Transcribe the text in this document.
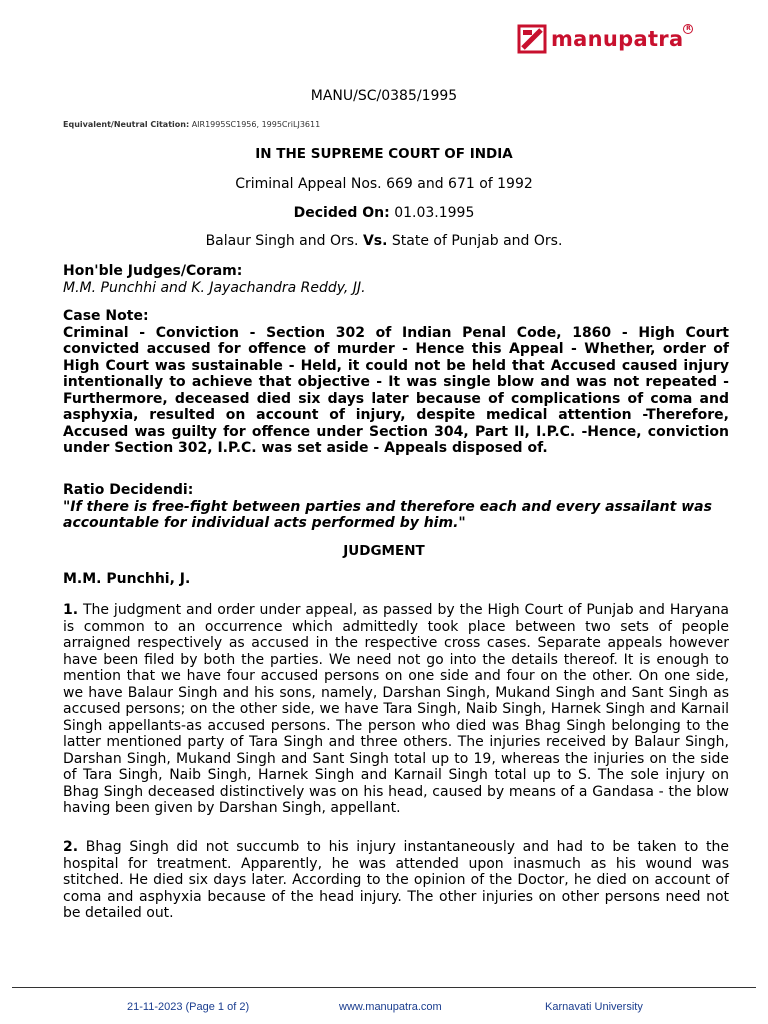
manupatra R
MANU/SC/0385/1995
Equivalent/Neutral Citation: AIR1995SC1956, 1995CriLJ3611
IN THE SUPREME COURT OF INDIA
Criminal Appeal Nos. 669 and 671 of 1992
Decided On: 01.03.1995
Balaur Singh and Ors. Vs. State of Punjab and Ors.
Hon'ble Judges/Coram:
M.M. Punchhi and K. Jayachandra Reddy, JJ.
Case Note:
Criminal - Conviction - Section 302 of Indian Penal Code, 1860 - High Court convicted accused for offence of murder - Hence this Appeal - Whether, order of High Court was sustainable - Held, it could not be held that Accused caused injury intentionally to achieve that objective - It was single blow and was not repeated - Furthermore, deceased died six days later because of complications of coma and asphyxia, resulted on account of injury, despite medical attention -Therefore, Accused was guilty for offence under Section 304, Part II, I.P.C. -Hence, conviction under Section 302, I.P.C. was set aside - Appeals disposed of.
Ratio Decidendi:
"If there is free-fight between parties and therefore each and every assailant was accountable for individual acts performed by him."
JUDGMENT
M.M. Punchhi, J.
1. The judgment and order under appeal, as passed by the High Court of Punjab and Haryana is common to an occurrence which admittedly took place between two sets of people arraigned respectively as accused in the respective cross cases. Separate appeals however have been filed by both the parties. We need not go into the details thereof. It is enough to mention that we have four accused persons on one side and four on the other. On one side, we have Balaur Singh and his sons, namely, Darshan Singh, Mukand Singh and Sant Singh as accused persons; on the other side, we have Tara Singh, Naib Singh, Harnek Singh and Karnail Singh appellants-as accused persons. The person who died was Bhag Singh belonging to the latter mentioned party of Tara Singh and three others. The injuries received by Balaur Singh, Darshan Singh, Mukand Singh and Sant Singh total up to 19, whereas the injuries on the side of Tara Singh, Naib Singh, Harnek Singh and Karnail Singh total up to S. The sole injury on Bhag Singh deceased distinctively was on his head, caused by means of a Gandasa - the blow having been given by Darshan Singh, appellant.
2. Bhag Singh did not succumb to his injury instantaneously and had to be taken to the hospital for treatment. Apparently, he was attended upon inasmuch as his wound was stitched. He died six days later. According to the opinion of the Doctor, he died on account of coma and asphyxia because of the head injury. The other injuries on other persons need not be detailed out.
21-11-2023 (Page 1 of 2)	www.manupatra.com	Karnavati University
